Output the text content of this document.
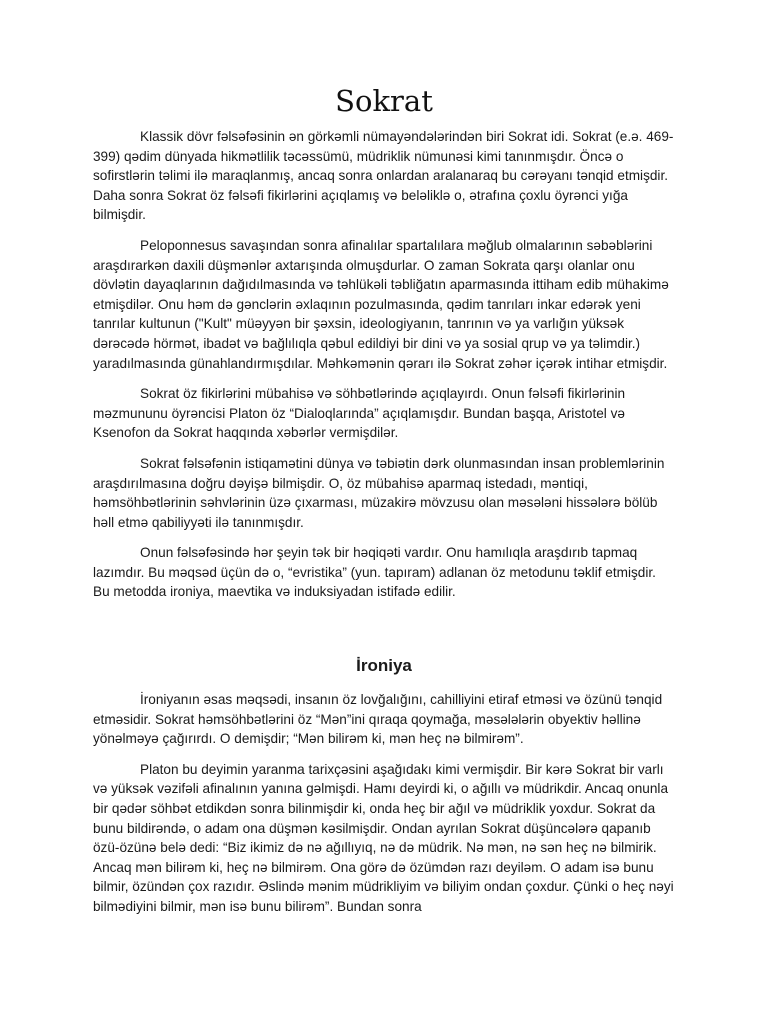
Sokrat

Klassik dövr fəlsəfəsinin ən görkəmli nümayəndələrindən biri Sokrat idi. Sokrat (e.ə. 469-399) qədim dünyada hikmətlilik təcəssümü, müdriklik nümunəsi kimi tanınmışdır. Öncə o sofirstlərin təlimi ilə maraqlanmış, ancaq sonra onlardan aralanaraq bu cərəyanı tənqid etmişdir. Daha sonra Sokrat öz fəlsəfi fikirlərini açıqlamış və beləliklə o, ətrafına çoxlu öyrənci yığa bilmişdir.

Peloponnesus savaşından sonra afinalılar spartalılara məğlub olmalarının səbəblərini araşdırarkən daxili düşmənlər axtarışında olmuşdurlar. O zaman Sokrata qarşı olanlar onu dövlətin dayaqlarının dağıdılmasında və təhlükəli təbliğatın aparmasında ittiham edib mühakimə etmişdilər. Onu həm də gənclərin əxlaqının pozulmasında, qədim tanrıları inkar edərək yeni tanrılar kultunun ("Kult" müəyyən bir şəxsin, ideologiyanın, tanrının və ya varlığın yüksək dərəcədə hörmət, ibadət və bağlılıqla qəbul edildiyi bir dini və ya sosial qrup və ya təlimdir.) yaradılmasında günahlandırmışdılar. Məhkəmənin qərarı ilə Sokrat zəhər içərək intihar etmişdir.

Sokrat öz fikirlərini mübahisə və söhbətlərində açıqlayırdı. Onun fəlsəfi fikirlərinin məzmununu öyrəncisi Platon öz “Dialoqlarında” açıqlamışdır. Bundan başqa, Aristotel və Ksenofon da Sokrat haqqında xəbərlər vermişdilər.

Sokrat fəlsəfənin istiqamətini dünya və təbiətin dərk olunmasından insan problemlərinin araşdırılmasına doğru dəyişə bilmişdir. O, öz mübahisə aparmaq istedadı, məntiqi, həmsöhbətlərinin səhvlərinin üzə çıxarması, müzakirə mövzusu olan məsələni hissələrə bölüb həll etmə qabiliyyəti ilə tanınmışdır.

Onun fəlsəfəsində hər şeyin tək bir həqiqəti vardır. Onu hamılıqla araşdırıb tapmaq lazımdır. Bu məqsəd üçün də o, “evristika” (yun. tapıram) adlanan öz metodunu təklif etmişdir. Bu metodda ironiya, maevtika və induksiyadan istifadə edilir.

İroniya

İroniyanın əsas məqsədi, insanın öz lovğalığını, cahilliyini etiraf etməsi və özünü tənqid etməsidir. Sokrat həmsöhbətlərini öz “Mən”ini qıraqa qoymağa, məsələlərin obyektiv həllinə yönəlməyə çağırırdı. O demişdir; “Mən bilirəm ki, mən heç nə bilmirəm”.

Platon bu deyimin yaranma tarixçəsini aşağıdakı kimi vermişdir. Bir kərə Sokrat bir varlı və yüksək vəzifəli afinalının yanına gəlmişdi. Hamı deyirdi ki, o ağıllı və müdrikdir. Ancaq onunla bir qədər söhbət etdikdən sonra bilinmişdir ki, onda heç bir ağıl və müdriklik yoxdur. Sokrat da bunu bildirəndə, o adam ona düşmən kəsilmişdir. Ondan ayrılan Sokrat düşüncələrə qapanıb özü-özünə belə dedi: “Biz ikimiz də nə ağıllıyıq, nə də müdrik. Nə mən, nə sən heç nə bilmirik. Ancaq mən bilirəm ki, heç nə bilmirəm. Ona görə də özümdən razı deyiləm. O adam isə bunu bilmir, özündən çox razıdır. Əslində mənim müdrikliyim və biliyim ondan çoxdur. Çünki o heç nəyi bilmədiyini bilmir, mən isə bunu bilirəm”. Bundan sonra
